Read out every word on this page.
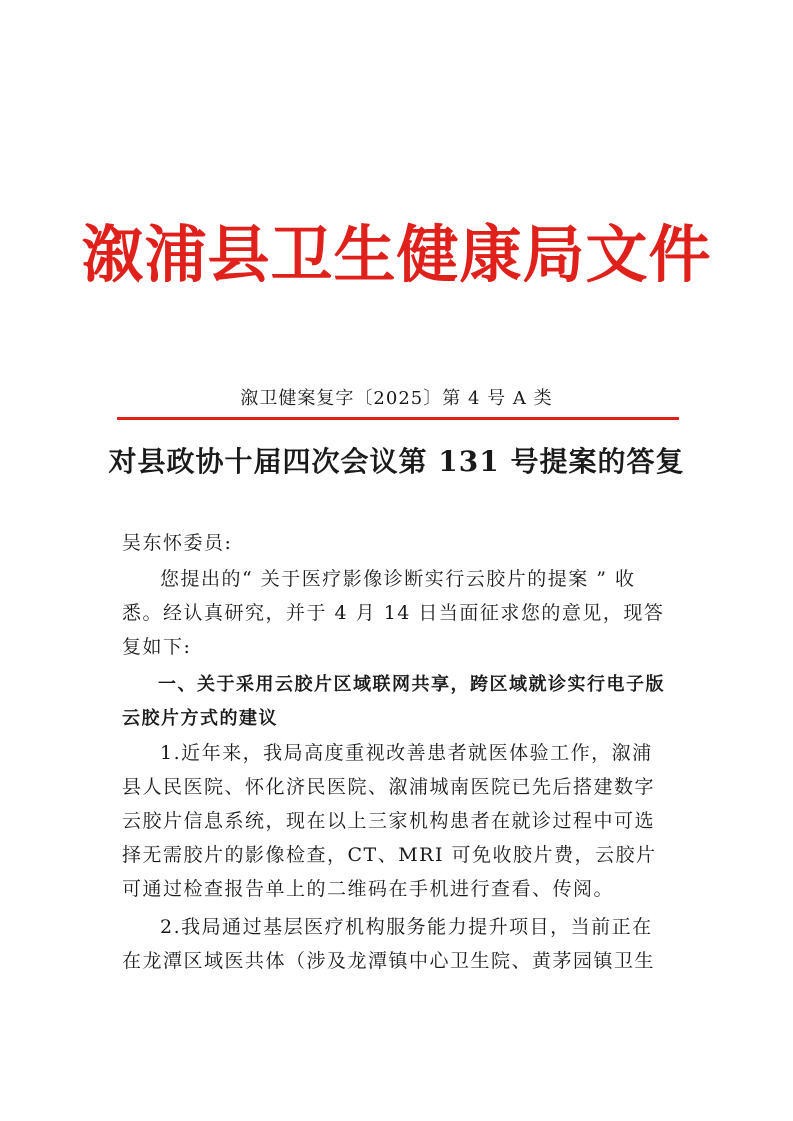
溆浦县卫生健康局文件
溆卫健案复字〔2025〕第 4 号 A 类
对县政协十届四次会议第 131 号提案的答复

吴东怀委员:

您提出的“ 关于医疗影像诊断实行云胶片的提案 ” 收悉。经认真研究，并于 4 月 14 日当面征求您的意见，现答复如下:

一、关于采用云胶片区域联网共享，跨区域就诊实行电子版云胶片方式的建议

1.近年来，我局高度重视改善患者就医体验工作，溆浦县人民医院、怀化济民医院、溆浦城南医院已先后搭建数字云胶片信息系统，现在以上三家机构患者在就诊过程中可选择无需胶片的影像检查，CT、MRI 可免收胶片费，云胶片可通过检查报告单上的二维码在手机进行查看、传阅。

2.我局通过基层医疗机构服务能力提升项目，当前正在在龙潭区域医共体（涉及龙潭镇中心卫生院、黄茅园镇卫生
